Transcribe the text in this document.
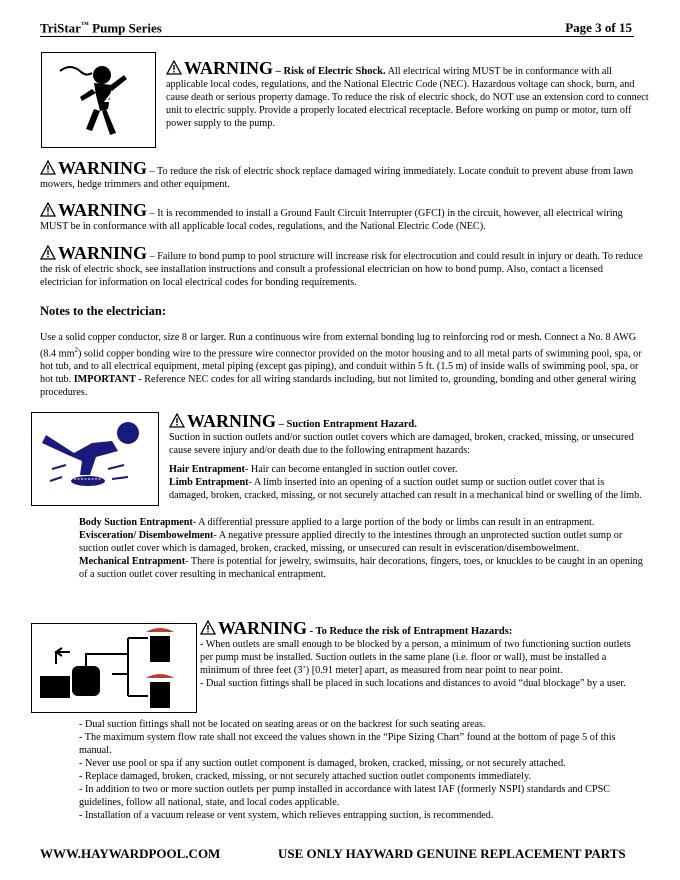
TriStar™ Pump Series	Page 3 of 15
WARNING – Risk of Electric Shock. All electrical wiring MUST be in conformance with all applicable local codes, regulations, and the National Electric Code (NEC). Hazardous voltage can shock, burn, and cause death or serious property damage. To reduce the risk of electric shock, do NOT use an extension cord to connect unit to electric supply. Provide a properly located electrical receptacle. Before working on pump or motor, turn off power supply to the pump.
WARNING – To reduce the risk of electric shock replace damaged wiring immediately. Locate conduit to prevent abuse from lawn mowers, hedge trimmers and other equipment.
WARNING – It is recommended to install a Ground Fault Circuit Interrupter (GFCI) in the circuit, however, all electrical wiring MUST be in conformance with all applicable local codes, regulations, and the National Electric Code (NEC).
WARNING – Failure to bond pump to pool structure will increase risk for electrocution and could result in injury or death. To reduce the risk of electric shock, see installation instructions and consult a professional electrician on how to bond pump. Also, contact a licensed electrician for information on local electrical codes for bonding requirements.
Notes to the electrician:
Use a solid copper conductor, size 8 or larger. Run a continuous wire from external bonding lug to reinforcing rod or mesh. Connect a No. 8 AWG (8.4 $mm^2$) solid copper bonding wire to the pressure wire connector provided on the motor housing and to all metal parts of swimming pool, spa, or hot tub, and to all electrical equipment, metal piping (except gas piping), and conduit within 5 ft. (1.5 m) of inside walls of swimming pool, spa, or hot tub. IMPORTANT - Reference NEC codes for all wiring standards including, but not limited to, grounding, bonding and other general wiring procedures.
WARNING – Suction Entrapment Hazard.

Suction in suction outlets and/or suction outlet covers which are damaged, broken, cracked, missing, or unsecured cause severe injury and/or death due to the following entrapment hazards:

Hair Entrapment- Hair can become entangled in suction outlet cover.

Limb Entrapment- A limb inserted into an opening of a suction outlet sump or suction outlet cover that is damaged, broken, cracked, missing, or not securely attached can result in a mechanical bind or swelling of the limb.

Body Suction Entrapment- A differential pressure applied to a large portion of the body or limbs can result in an entrapment.

Evisceration/ Disembowelment- A negative pressure applied directly to the intestines through an unprotected suction outlet sump or suction outlet cover which is damaged, broken, cracked, missing, or unsecured can result in evisceration/disembowelment.

Mechanical Entrapment- There is potential for jewelry, swimsuits, hair decorations, fingers, toes, or knuckles to be caught in an opening of a suction outlet cover resulting in mechanical entrapment.

WARNING - To Reduce the risk of Entrapment Hazards:

- When outlets are small enough to be blocked by a person, a minimum of two functioning suction outlets per pump must be installed. Suction outlets in the same plane (i.e. floor or wall), must be installed a minimum of three feet (3’) [0.91 meter] apart, as measured from near point to near point.

- Dual suction fittings shall be placed in such locations and distances to avoid “dual blockage” by a user.

- Dual suction fittings shall not be located on seating areas or on the backrest for such seating areas.

- The maximum system flow rate shall not exceed the values shown in the “Pipe Sizing Chart” found at the bottom of page 5 of this manual.

- Never use pool or spa if any suction outlet component is damaged, broken, cracked, missing, or not securely attached.

- Replace damaged, broken, cracked, missing, or not securely attached suction outlet components immediately.

- In addition to two or more suction outlets per pump installed in accordance with latest IAF (formerly NSPI) standards and CPSC guidelines, follow all national, state, and local codes applicable.

- Installation of a vacuum release or vent system, which relieves entrapping suction, is recommended.

WWW.HAYWARDPOOL.COM	USE ONLY HAYWARD GENUINE REPLACEMENT PARTS
